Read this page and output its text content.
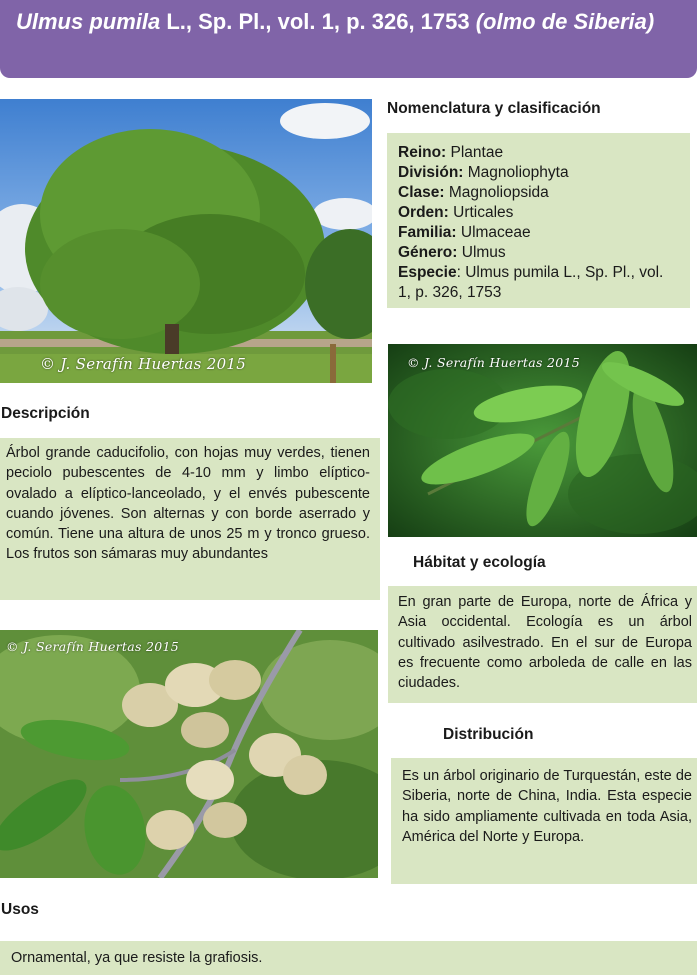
Ulmus pumila L., Sp. Pl., vol. 1, p. 326, 1753 (olmo de Siberia)
© J. Serafín Huertas 2015
Nomenclatura y clasificación
Reino: Plantae
División: Magnoliophyta
Clase: Magnoliopsida
Orden: Urticales
Familia: Ulmaceae
Género: Ulmus
Especie: Ulmus pumila L., Sp. Pl., vol. 1, p. 326, 1753
© J. Serafín Huertas 2015
Descripción
Árbol grande caducifolio, con hojas muy verdes, tienen peciolo pubescentes de 4-10 mm y limbo elíptico-ovalado a elíptico-lanceolado, y el envés pubescente cuando jóvenes. Son alternas y con borde aserrado y común. Tiene una altura de unos 25 m y tronco grueso. Los frutos son sámaras muy abundantes	Hábitat y ecología
En gran parte de Europa, norte de África y Asia occidental. Ecología es un árbol cultivado asilvestrado. En el sur de Europa es frecuente como arboleda de calle en las ciudades.
© J. Serafín Huertas 2015
Distribución
Es un árbol originario de Turquestán, este de Siberia, norte de China, India. Esta especie ha sido ampliamente cultivada en toda Asia, América del Norte y Europa.
Usos
Ornamental, ya que resiste la grafiosis.
